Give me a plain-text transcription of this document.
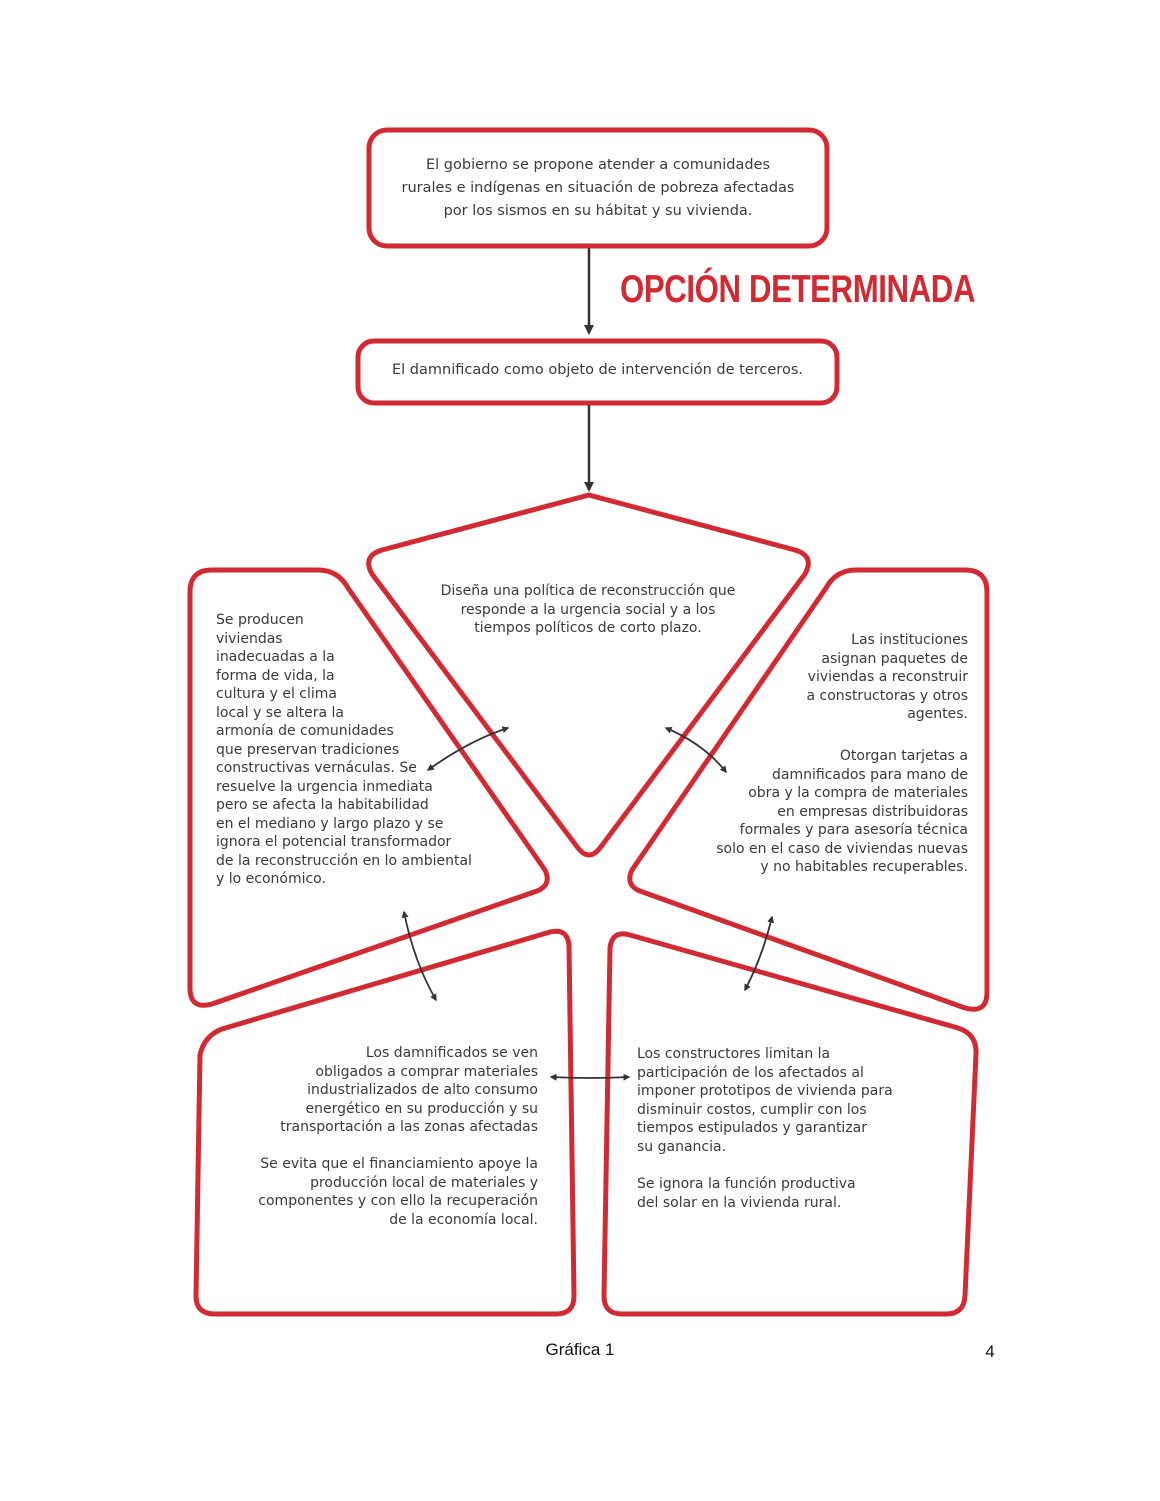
OPCIÓN DETERMINADA

El gobierno se propone atender a comunidades
rurales e indígenas en situación de pobreza afectadas
por los sismos en su hábitat y su vivienda.

El damnificado como objeto de intervención de terceros.

Diseña una política de reconstrucción que
responde a la urgencia social y a los
tiempos políticos de corto plazo.

Se producen
viviendas
inadecuadas a la
forma de vida, la
cultura y el clima
local y se altera la
armonía de comunidades
que preservan tradiciones
constructivas vernáculas. Se
resuelve la urgencia inmediata
pero se afecta la habitabilidad
en el mediano y largo plazo y se
ignora el potencial transformador
de la reconstrucción en lo ambiental
y lo económico.

Las instituciones
asignan paquetes de
viviendas a reconstruir
a constructoras y otros
agentes.

Otorgan tarjetas a
damnificados para mano de
obra y la compra de materiales
en empresas distribuidoras
formales y para asesoría técnica
solo en el caso de viviendas nuevas
y no habitables recuperables.

Los damnificados se ven
obligados a comprar materiales
industrializados de alto consumo
energético en su producción y su
transportación a las zonas afectadas

Se evita que el financiamiento apoye la
producción local de materiales y
componentes y con ello la recuperación
de la economía local.

Los constructores limitan la
participación de los afectados al
imponer prototipos de vivienda para
disminuir costos, cumplir con los
tiempos estipulados y garantizar
su ganancia.

Se ignora la función productiva
del solar en la vivienda rural.

Gráfica 1	4
